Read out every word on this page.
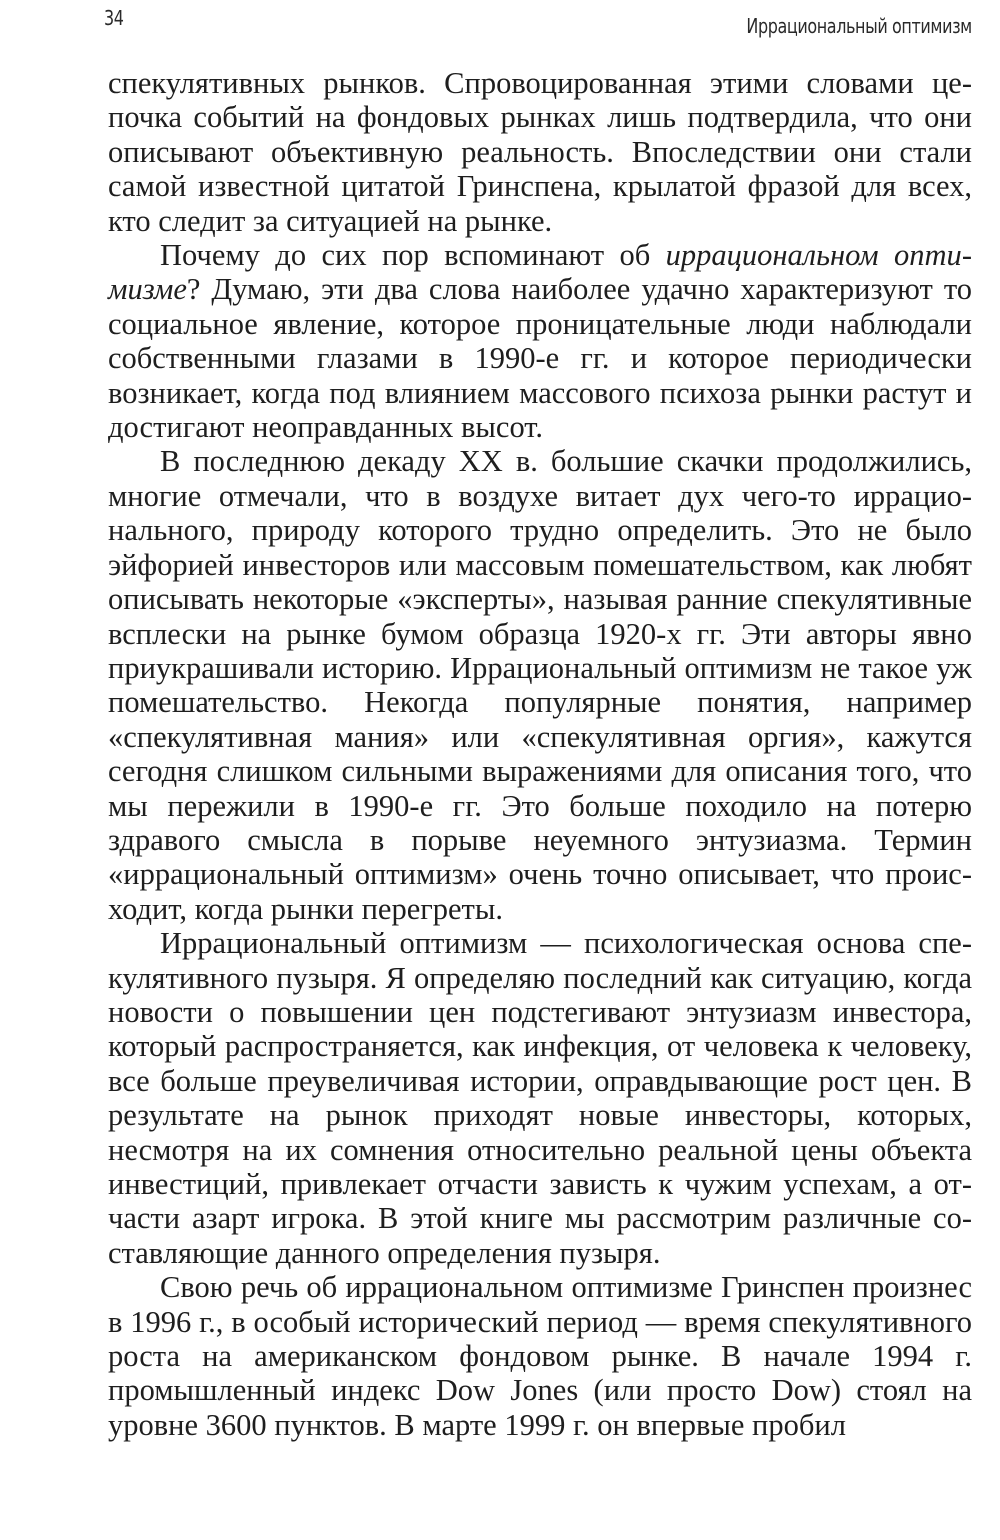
34	Иррациональный оптимизм

спекулятивных рынков. Спровоцированная этими словами цепочка событий на фондовых рынках лишь подтвердила, что они описывают объективную реальность. Впоследствии они стали самой известной цитатой Гринспена, крылатой фразой для всех, кто следит за ситуацией на рынке.

Почему до сих пор вспоминают об иррациональном оптимизме? Думаю, эти два слова наиболее удачно характеризуют то социальное явление, которое проницательные люди наблюдали собственными глазами в 1990-е гг. и которое периодически возникает, когда под влиянием массового психоза рынки растут и достигают неоправданных высот.

В последнюю декаду XX в. большие скачки продолжились, многие отмечали, что в воздухе витает дух чего-то иррационального, природу которого трудно определить. Это не было эйфорией инвесторов или массовым помешательством, как любят описывать некоторые «эксперты», называя ранние спекулятивные всплески на рынке бумом образца 1920-х гг. Эти авторы явно приукрашивали историю. Иррациональный оптимизм не такое уж помешательство. Некогда популярные понятия, например «спекулятивная мания» или «спекулятивная оргия», кажутся сегодня слишком сильными выражениями для описания того, что мы пережили в 1990-е гг. Это больше походило на потерю здравого смысла в порыве неуемного энтузиазма. Термин «иррациональный оптимизм» очень точно описывает, что происходит, когда рынки перегреты.

Иррациональный оптимизм — психологическая основа спекулятивного пузыря. Я определяю последний как ситуацию, когда новости о повышении цен подстегивают энтузиазм инвестора, который распространяется, как инфекция, от человека к человеку, все больше преувеличивая истории, оправдывающие рост цен. В результате на рынок приходят новые инвесторы, которых, несмотря на их сомнения относительно реальной цены объекта инвестиций, привлекает отчасти зависть к чужим успехам, а отчасти азарт игрока. В этой книге мы рассмотрим различные составляющие данного определения пузыря.

Свою речь об иррациональном оптимизме Гринспен произнес в 1996 г., в особый исторический период — время спекулятивного роста на американском фондовом рынке. В начале 1994 г. промышленный индекс Dow Jones (или просто Dow) стоял на уровне 3600 пунктов. В марте 1999 г. он впервые пробил
